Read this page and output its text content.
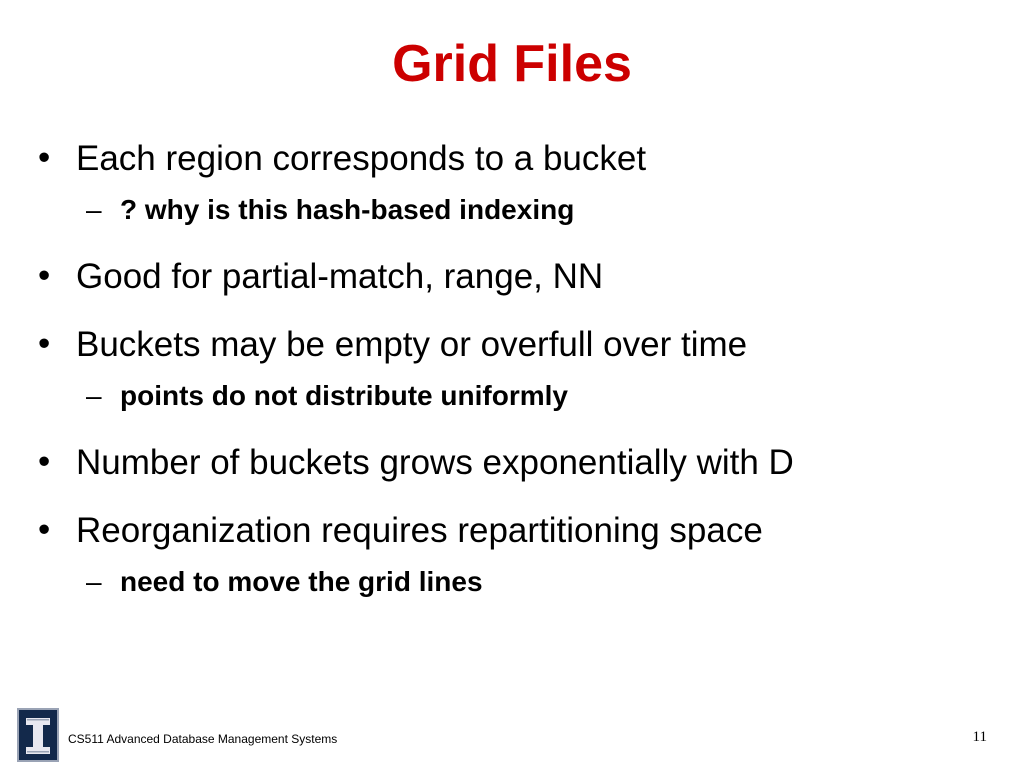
Grid Files
• Each region corresponds to a bucket
– ? why is this hash-based indexing
• Good for partial-match, range, NN
• Buckets may be empty or overfull over time
– points do not distribute uniformly
• Number of buckets grows exponentially with D
• Reorganization requires repartitioning space
– need to move the grid lines
CS511 Advanced Database Management Systems	11
